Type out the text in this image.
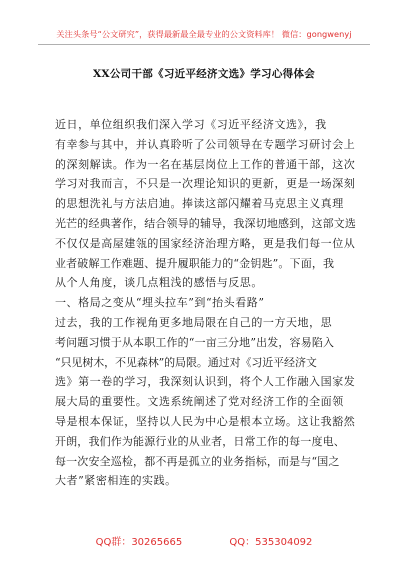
关注头条号“公文研究”，获得最新最全最专业的公文资料库！ 微信：gongwenyj
XX公司干部《习近平经济文选》学习心得体会
近日，单位组织我们深入学习《习近平经济文选》，我
有幸参与其中，并认真聆听了公司领导在专题学习研讨会上
的深刻解读。作为一名在基层岗位上工作的普通干部，这次
学习对我而言，不只是一次理论知识的更新，更是一场深刻
的思想洗礼与方法启迪。捧读这部闪耀着马克思主义真理
光芒的经典著作，结合领导的辅导，我深切地感到，这部文选
不仅仅是高屋建瓴的国家经济治理方略，更是我们每一位从
业者破解工作难题、提升履职能力的“金钥匙”。下面，我
从个人角度，谈几点粗浅的感悟与反思。
一、格局之变从“埋头拉车”到“抬头看路”
过去，我的工作视角更多地局限在自己的一方天地，思
考问题习惯于从本职工作的“一亩三分地”出发，容易陷入
“只见树木，不见森林”的局限。通过对《习近平经济文
选》第一卷的学习，我深刻认识到，将个人工作融入国家发
展大局的重要性。文选系统阐述了党对经济工作的全面领
导是根本保证，坚持以人民为中心是根本立场。这让我豁然
开朗，我们作为能源行业的从业者，日常工作的每一度电、
每一次安全巡检，都不再是孤立的业务指标，而是与“国之
大者”紧密相连的实践。
QQ群：30265665	QQ：535304092
